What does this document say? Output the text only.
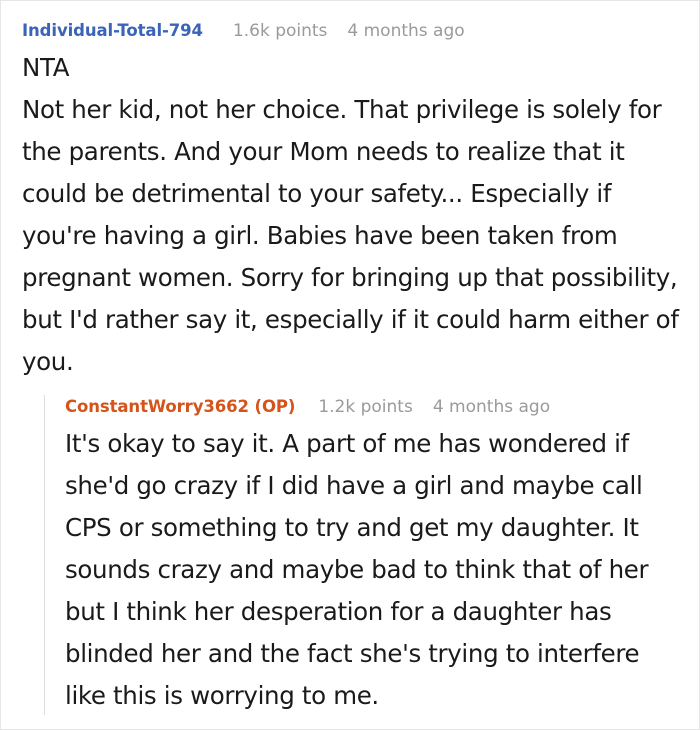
Individual-Total-794 1.6k points 4 months ago

NTA

Not her kid, not her choice. That privilege is solely for the parents. And your Mom needs to realize that it could be detrimental to your safety... Especially if you're having a girl. Babies have been taken from pregnant women. Sorry for bringing up that possibility, but I'd rather say it, especially if it could harm either of you.

ConstantWorry3662 (OP) 1.2k points 4 months ago

It's okay to say it. A part of me has wondered if she'd go crazy if I did have a girl and maybe call CPS or something to try and get my daughter. It sounds crazy and maybe bad to think that of her but I think her desperation for a daughter has blinded her and the fact she's trying to interfere like this is worrying to me.
